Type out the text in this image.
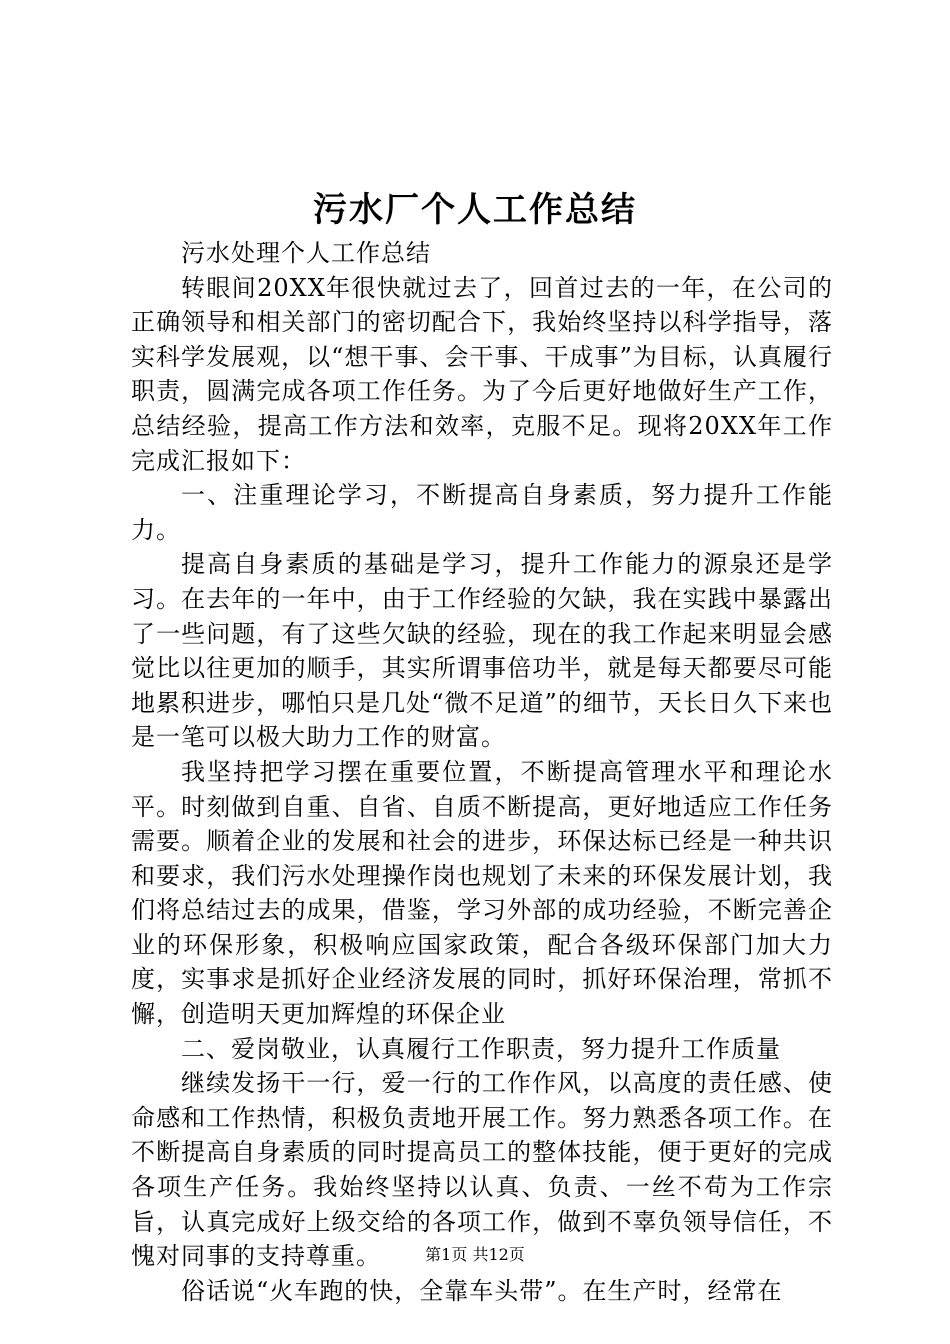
污水厂个人工作总结

污水处理个人工作总结

转眼间20XX年很快就过去了，回首过去的一年，在公司的正确领导和相关部门的密切配合下，我始终坚持以科学指导，落实科学发展观，以“想干事、会干事、干成事”为目标，认真履行职责，圆满完成各项工作任务。为了今后更好地做好生产工作，总结经验，提高工作方法和效率，克服不足。现将20XX年工作完成汇报如下：

一、注重理论学习，不断提高自身素质，努力提升工作能力。

提高自身素质的基础是学习，提升工作能力的源泉还是学习。在去年的一年中，由于工作经验的欠缺，我在实践中暴露出了一些问题，有了这些欠缺的经验，现在的我工作起来明显会感觉比以往更加的顺手，其实所谓事倍功半，就是每天都要尽可能地累积进步，哪怕只是几处“微不足道”的细节，天长日久下来也是一笔可以极大助力工作的财富。

我坚持把学习摆在重要位置，不断提高管理水平和理论水平。时刻做到自重、自省、自质不断提高，更好地适应工作任务需要。顺着企业的发展和社会的进步，环保达标已经是一种共识和要求，我们污水处理操作岗也规划了未来的环保发展计划，我们将总结过去的成果，借鉴，学习外部的成功经验，不断完善企业的环保形象，积极响应国家政策，配合各级环保部门加大力度，实事求是抓好企业经济发展的同时，抓好环保治理，常抓不懈，创造明天更加辉煌的环保企业

二、爱岗敬业，认真履行工作职责，努力提升工作质量

继续发扬干一行，爱一行的工作作风，以高度的责任感、使命感和工作热情，积极负责地开展工作。努力熟悉各项工作。在不断提高自身素质的同时提高员工的整体技能，便于更好的完成各项生产任务。我始终坚持以认真、负责、一丝不苟为工作宗旨，认真完成好上级交给的各项工作，做到不辜负领导信任，不愧对同事的支持尊重。

俗话说“火车跑的快，全靠车头带”。在生产时，经常在

第1页 共12页
